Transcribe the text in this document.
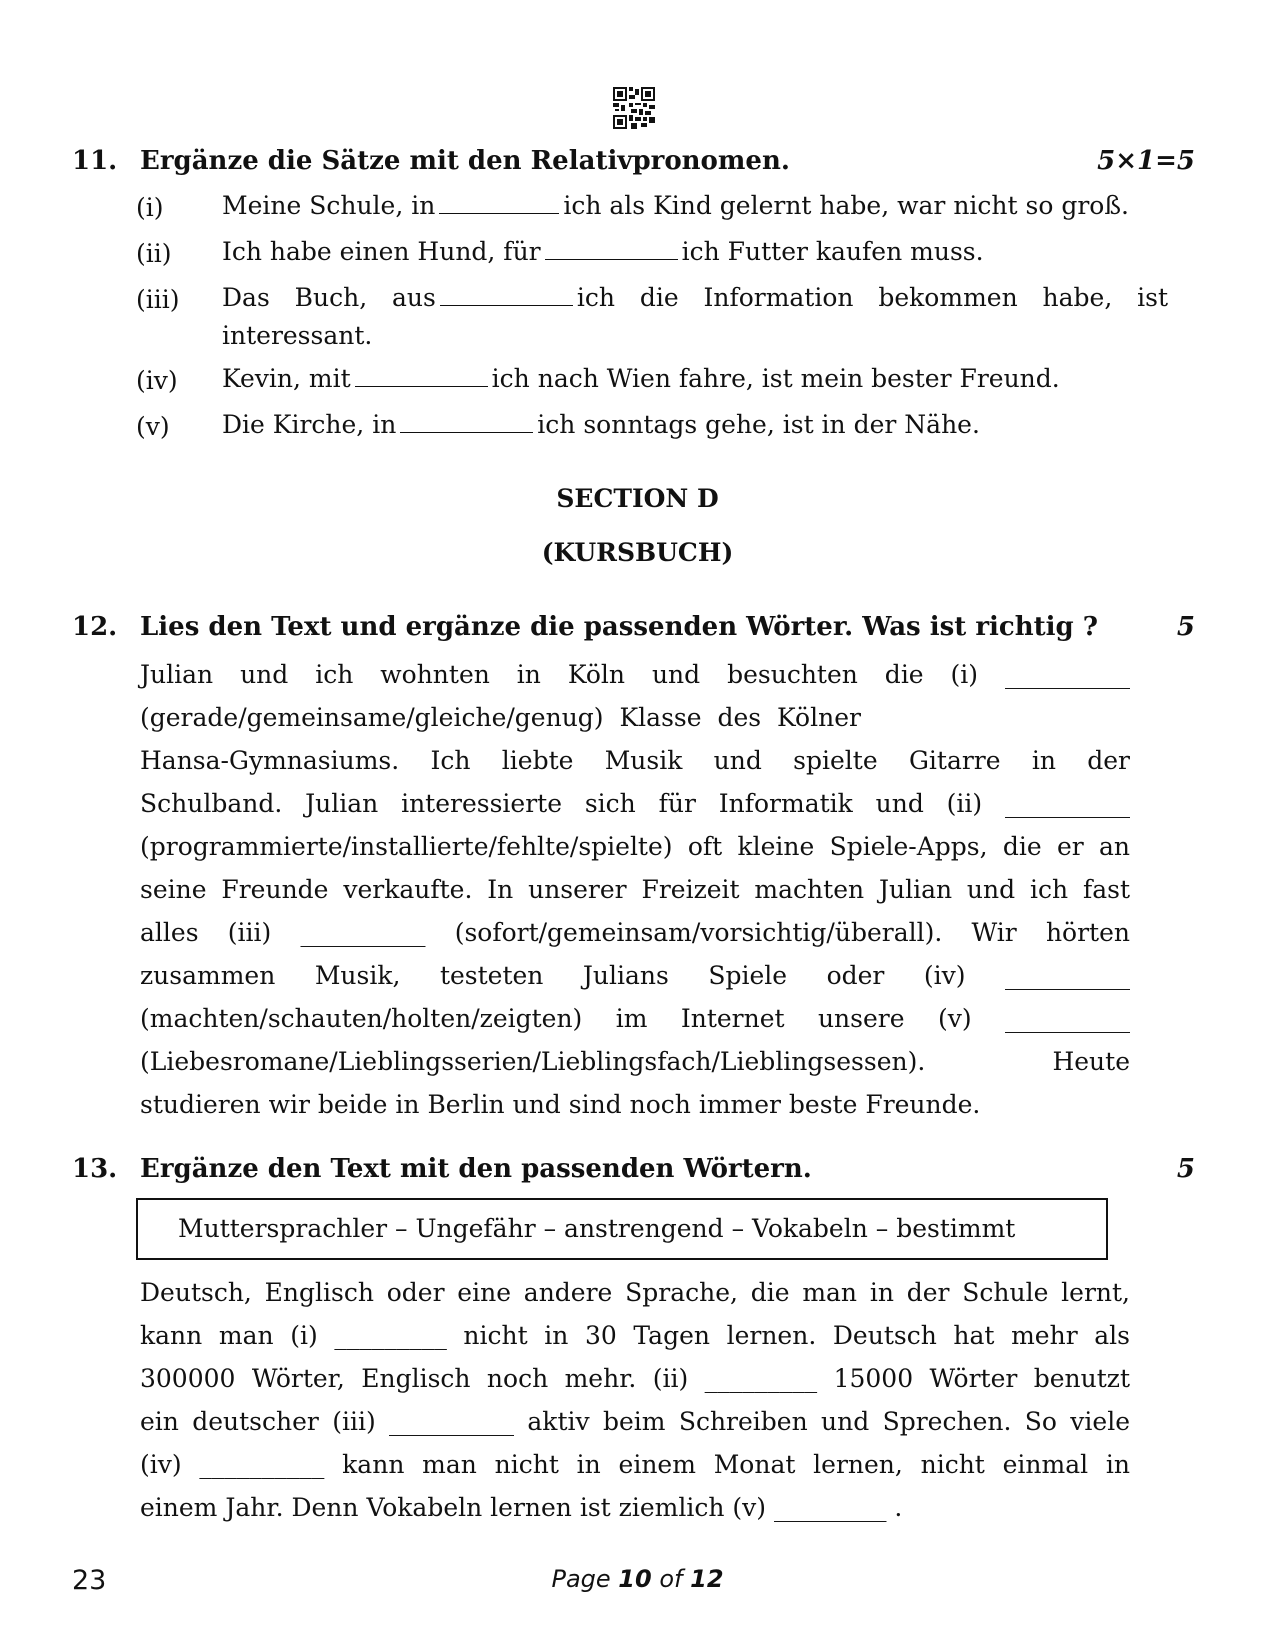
11. Ergänze die Sätze mit den Relativpronomen.	5×1=5
(i) Meine Schule, in	ich als Kind gelernt habe, war nicht so groß.
(ii) Ich habe einen Hund, für	ich Futter kaufen muss.
(iii) Das Buch, aus	ich die Information bekommen habe, ist interessant.
(iv) Kevin, mit	ich nach Wien fahre, ist mein bester Freund.
(v) Die Kirche, in	ich sonntags gehe, ist in der Nähe.
SECTION D
(KURSBUCH)
12. Lies den Text und ergänze die passenden Wörter. Was ist richtig ?	5
Julian und ich wohnten in Köln und besuchten die (i) __________
(gerade/gemeinsame/gleiche/genug) Klasse des Kölner
Hansa-Gymnasiums. Ich liebte Musik und spielte Gitarre in der
Schulband. Julian interessierte sich für Informatik und (ii) __________
(programmierte/installierte/fehlte/spielte) oft kleine Spiele-Apps, die er an
seine Freunde verkaufte. In unserer Freizeit machten Julian und ich fast
alles (iii) __________ (sofort/gemeinsam/vorsichtig/überall). Wir hörten
zusammen Musik, testeten Julians Spiele oder (iv) __________
(machten/schauten/holten/zeigten) im Internet unsere (v) __________
(Liebesromane/Lieblingsserien/Lieblingsfach/Lieblingsessen). Heute
studieren wir beide in Berlin und sind noch immer beste Freunde.
13. Ergänze den Text mit den passenden Wörtern.	5
Muttersprachler – Ungefähr – anstrengend – Vokabeln – bestimmt
Deutsch, Englisch oder eine andere Sprache, die man in der Schule lernt,
kann man (i) _________ nicht in 30 Tagen lernen. Deutsch hat mehr als
300000 Wörter, Englisch noch mehr. (ii) _________ 15000 Wörter benutzt
ein deutscher (iii) __________ aktiv beim Schreiben und Sprechen. So viele
(iv) __________ kann man nicht in einem Monat lernen, nicht einmal in
einem Jahr. Denn Vokabeln lernen ist ziemlich (v) _________ .
23	Page 10 of 12
